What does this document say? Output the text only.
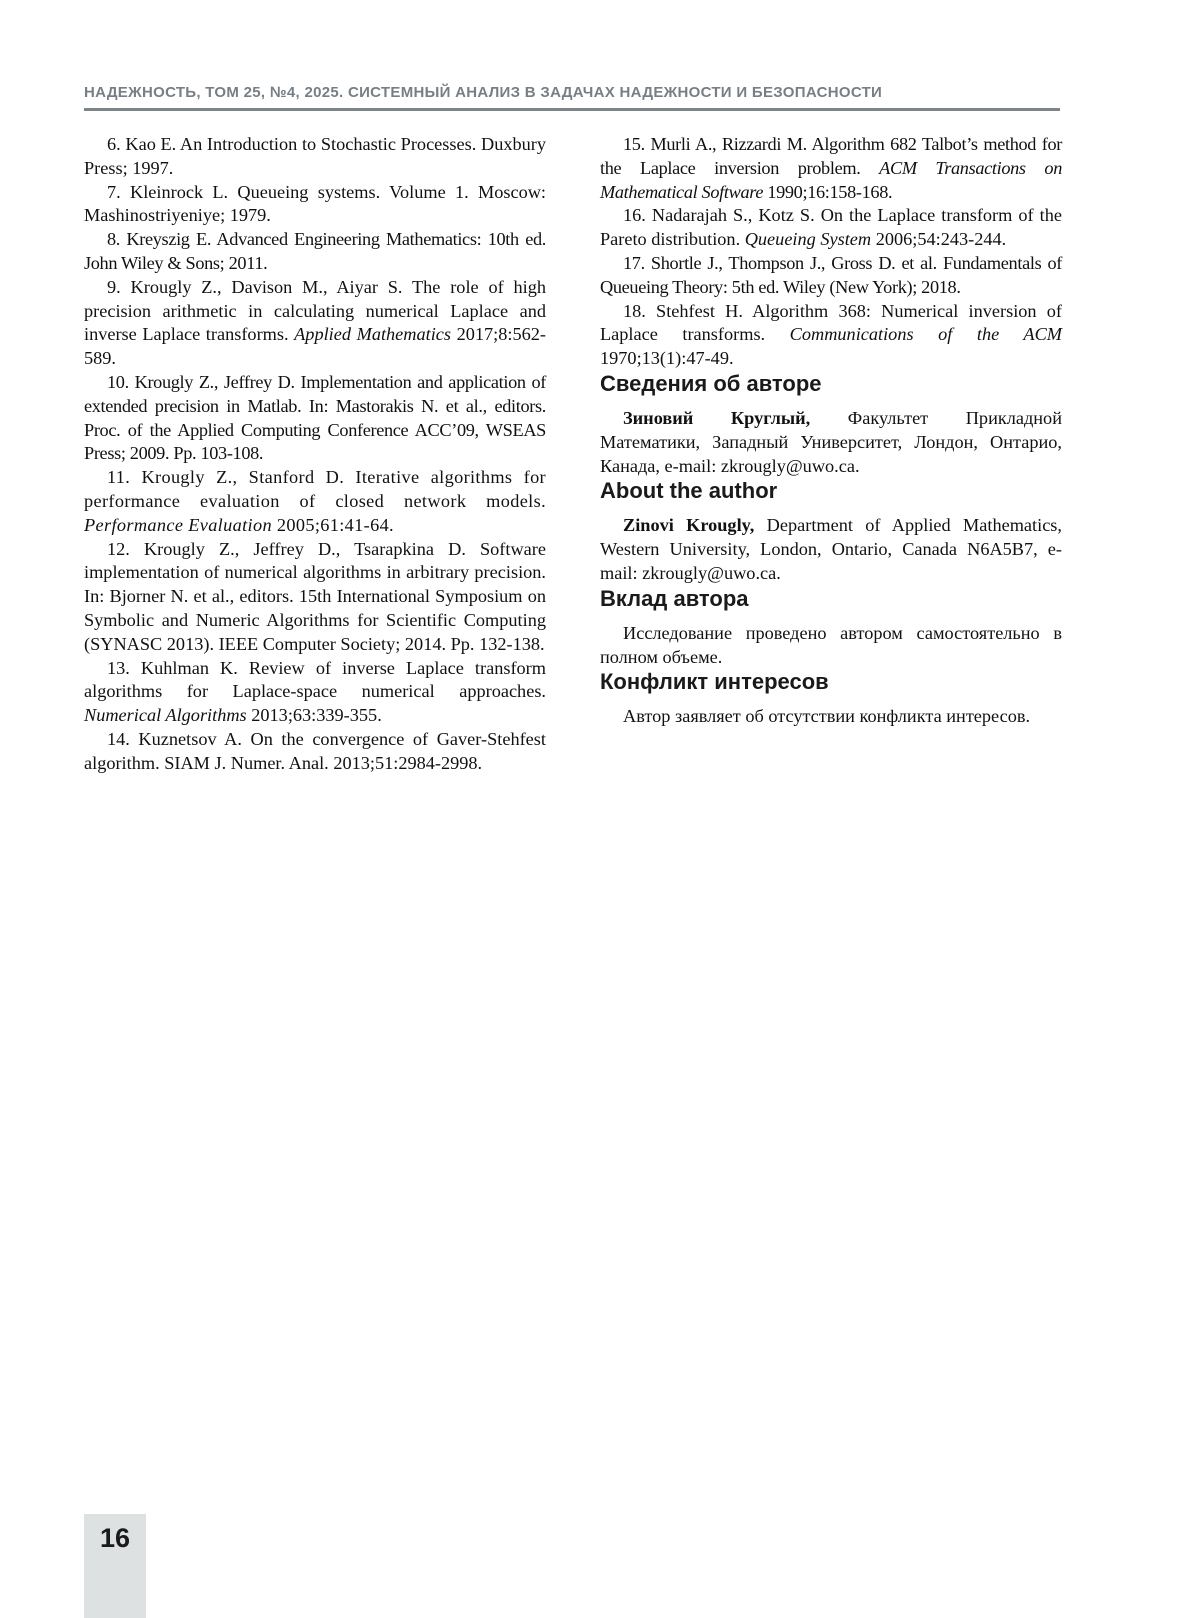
НАДЕЖНОСТЬ, ТОМ 25, №4, 2025. СИСТЕМНЫЙ АНАЛИЗ В ЗАДАЧАХ НАДЕЖНОСТИ И БЕЗОПАСНОСТИ

6. Kao E. An Introduction to Stochastic Processes. Duxbury Press; 1997.

7. Kleinrock L. Queueing systems. Volume 1. Moscow: Mashinostriyeniye; 1979.

8. Kreyszig E. Advanced Engineering Mathematics: 10th ed. John Wiley & Sons; 2011.

9. Krougly Z., Davison M., Aiyar S. The role of high precision arithmetic in calculating numerical Laplace and inverse Laplace transforms. Applied Mathematics 2017;8:562-589.

10. Krougly Z., Jeffrey D. Implementation and application of extended precision in Matlab. In: Mastorakis N. et al., editors. Proc. of the Applied Computing Conference ACC’09, WSEAS Press; 2009. Pp. 103-108.

11. Krougly Z., Stanford D. Iterative algorithms for performance evaluation of closed network models. Performance Evaluation 2005;61:41-64.

12. Krougly Z., Jeffrey D., Tsarapkina D. Software implementation of numerical algorithms in arbitrary precision. In: Bjorner N. et al., editors. 15th International Symposium on Symbolic and Numeric Algorithms for Scientific Computing (SYNASC 2013). IEEE Computer Society; 2014. Pp. 132-138.

13. Kuhlman K. Review of inverse Laplace transform algorithms for Laplace-space numerical approaches. Numerical Algorithms 2013;63:339-355.

14. Kuznetsov A. On the convergence of Gaver-Stehfest algorithm. SIAM J. Numer. Anal. 2013;51:2984-2998.

15. Murli A., Rizzardi M. Algorithm 682 Talbot’s method for the Laplace inversion problem. ACM Transactions on Mathematical Software 1990;16:158-168.

16. Nadarajah S., Kotz S. On the Laplace transform of the Pareto distribution. Queueing System 2006;54:243-244.

17. Shortle J., Thompson J., Gross D. et al. Fundamentals of Queueing Theory: 5th ed. Wiley (New York); 2018.

18. Stehfest H. Algorithm 368: Numerical inversion of Laplace transforms. Communications of the ACM 1970;13(1):47-49.

Сведения об авторе

Зиновий Круглый, Факультет Прикладной Математики, Западный Университет, Лондон, Онтарио, Канада, e-mail: zkrougly@uwo.ca.

About the author

Zinovi Krougly, Department of Applied Mathematics, Western University, London, Ontario, Canada N6A5B7, e-mail: zkrougly@uwo.ca.

Вклад автора

Исследование проведено автором самостоятельно в полном объеме.

Конфликт интересов

Автор заявляет об отсутствии конфликта интересов.

16
